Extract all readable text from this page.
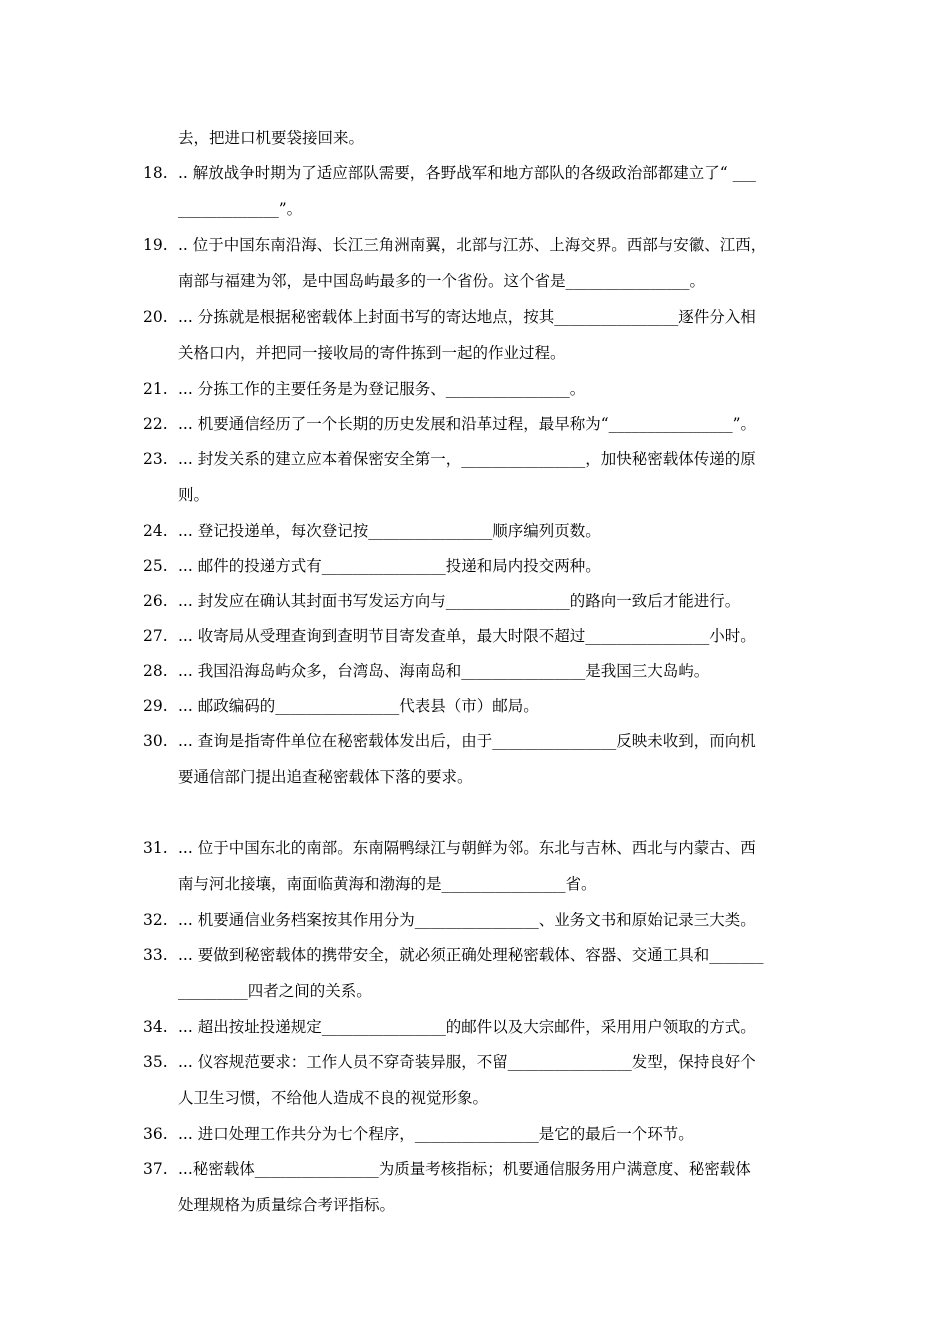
去，把进口机要袋接回来。
18. .. 解放战争时期为了适应部队需要，各野战军和地方部队的各级政治部都建立了“ ___
_____________”。
19. .. 位于中国东南沿海、长江三角洲南翼，北部与江苏、上海交界。西部与安徽、江西，
南部与福建为邻，是中国岛屿最多的一个省份。这个省是________________。
20. ... 分拣就是根据秘密载体上封面书写的寄达地点，按其________________逐件分入相
关格口内，并把同一接收局的寄件拣到一起的作业过程。
21. ... 分拣工作的主要任务是为登记服务、________________。
22. ... 机要通信经历了一个长期的历史发展和沿革过程，最早称为“________________”。
23. ... 封发关系的建立应本着保密安全第一，________________，加快秘密载体传递的原
则。
24. ... 登记投递单，每次登记按________________顺序编列页数。
25. ... 邮件的投递方式有________________投递和局内投交两种。
26. ... 封发应在确认其封面书写发运方向与________________的路向一致后才能进行。
27. ... 收寄局从受理查询到查明节目寄发查单，最大时限不超过________________小时。
28. ... 我国沿海岛屿众多，台湾岛、海南岛和________________是我国三大岛屿。
29. ... 邮政编码的________________代表县（市）邮局。
30. ... 查询是指寄件单位在秘密载体发出后，由于________________反映未收到，而向机
要通信部门提出追查秘密载体下落的要求。
31. ... 位于中国东北的南部。东南隔鸭绿江与朝鲜为邻。东北与吉林、西北与内蒙古、西
南与河北接壤，南面临黄海和渤海的是________________省。
32. ... 机要通信业务档案按其作用分为________________、业务文书和原始记录三大类。
33. ... 要做到秘密载体的携带安全，就必须正确处理秘密载体、容器、交通工具和_______
_________四者之间的关系。
34. ... 超出按址投递规定________________的邮件以及大宗邮件，采用用户领取的方式。
35. ... 仪容规范要求：工作人员不穿奇装异服，不留________________发型，保持良好个
人卫生习惯，不给他人造成不良的视觉形象。
36. ... 进口处理工作共分为七个程序，________________是它的最后一个环节。
37. ...秘密载体________________为质量考核指标；机要通信服务用户满意度、秘密载体
处理规格为质量综合考评指标。
